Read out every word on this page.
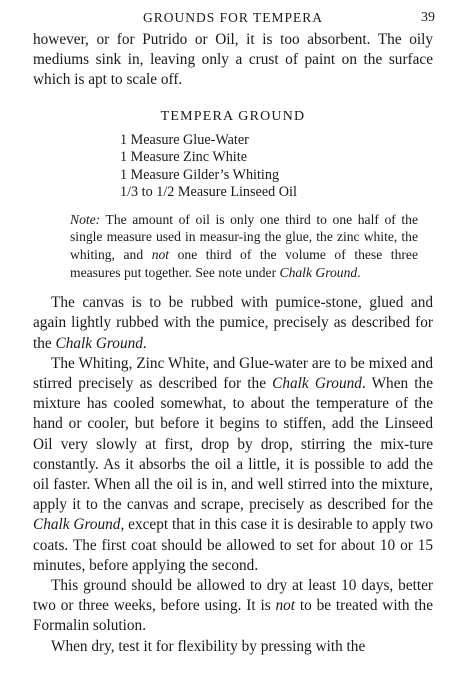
GROUNDS FOR TEMPERA	39

however, or for Putrido or Oil, it is too absorbent. The oily mediums sink in, leaving only a crust of paint on the surface which is apt to scale off.

TEMPERA GROUND
1 Measure Glue-Water
1 Measure Zinc White
1 Measure Gilder’s Whiting
1/3 to 1/2 Measure Linseed Oil

Note: The amount of oil is only one third to one half of the single measure used in measur-ing the glue, the zinc white, the whiting, and not one third of the volume of these three measures put together. See note under Chalk Ground.

The canvas is to be rubbed with pumice-stone, glued and again lightly rubbed with the pumice, precisely as described for the Chalk Ground.

The Whiting, Zinc White, and Glue-water are to be mixed and stirred precisely as described for the Chalk Ground. When the mixture has cooled somewhat, to about the temperature of the hand or cooler, but before it begins to stiffen, add the Linseed Oil very slowly at first, drop by drop, stirring the mix-ture constantly. As it absorbs the oil a little, it is possible to add the oil faster. When all the oil is in, and well stirred into the mixture, apply it to the canvas and scrape, precisely as described for the Chalk Ground, except that in this case it is desirable to apply two coats. The first coat should be allowed to set for about 10 or 15 minutes, before applying the second.

This ground should be allowed to dry at least 10 days, better two or three weeks, before using. It is not to be treated with the Formalin solution.

When dry, test it for flexibility by pressing with the
